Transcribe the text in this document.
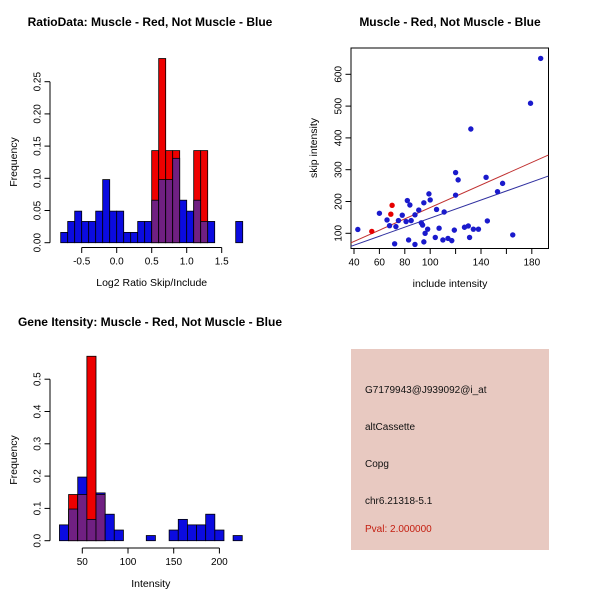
RatioData: Muscle - Red, Not Muscle - Blue
0.00
0.05
0.10
0.15
0.20
0.25
-0.5 0.0 0.5 1.0 1.5
Log2 Ratio Skip/Include
Frequency
Muscle - Red, Not Muscle - Blue
40 60 80 100	140	180
100
200
300
400
500
600
include intensity
skip intensity
Gene Itensity: Muscle - Red, Not Muscle - Blue
0.0
0.1
0.2
0.3
0.4
0.5
50	100	150	200
Intensity
Frequency
G7179943@J939092@i_at
altCassette
Copg
chr6.21318-5.1
Pval: 2.000000
